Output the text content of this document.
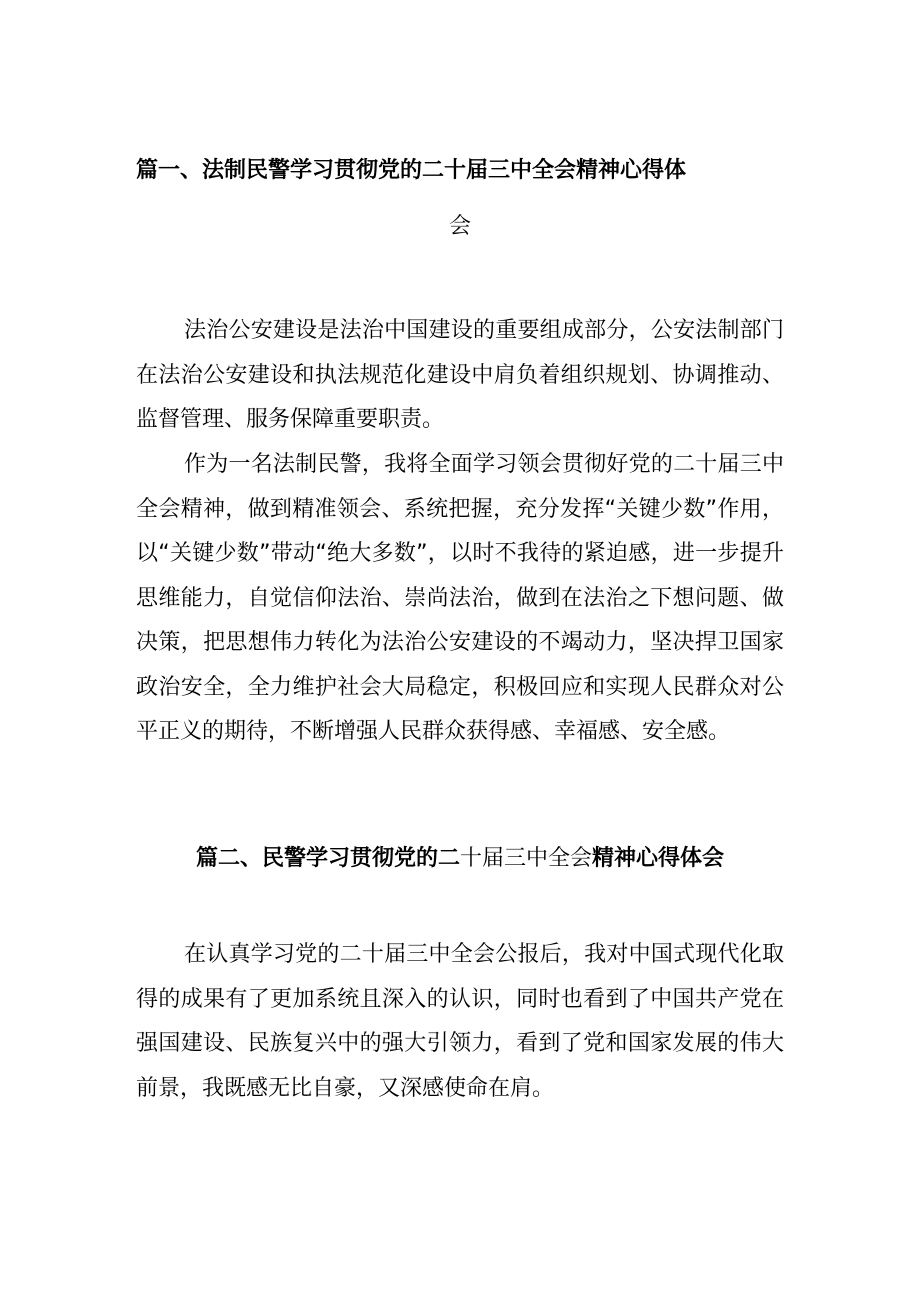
篇一、法制民警学习贯彻党的二十届三中全会精神心得体
会

法治公安建设是法治中国建设的重要组成部分，公安法制部门在法治公安建设和执法规范化建设中肩负着组织规划、协调推动、监督管理、服务保障重要职责。

作为一名法制民警，我将全面学习领会贯彻好党的二十届三中全会精神，做到精准领会、系统把握，充分发挥“关键少数”作用，以“关键少数”带动“绝大多数”，以时不我待的紧迫感，进一步提升思维能力，自觉信仰法治、崇尚法治，做到在法治之下想问题、做决策，把思想伟力转化为法治公安建设的不竭动力，坚决捍卫国家政治安全，全力维护社会大局稳定，积极回应和实现人民群众对公平正义的期待，不断增强人民群众获得感、幸福感、安全感。

篇二、民警学习贯彻党的二十届三中全会精神心得体会

在认真学习党的二十届三中全会公报后，我对中国式现代化取得的成果有了更加系统且深入的认识，同时也看到了中国共产党在强国建设、民族复兴中的强大引领力，看到了党和国家发展的伟大前景，我既感无比自豪，又深感使命在肩。
